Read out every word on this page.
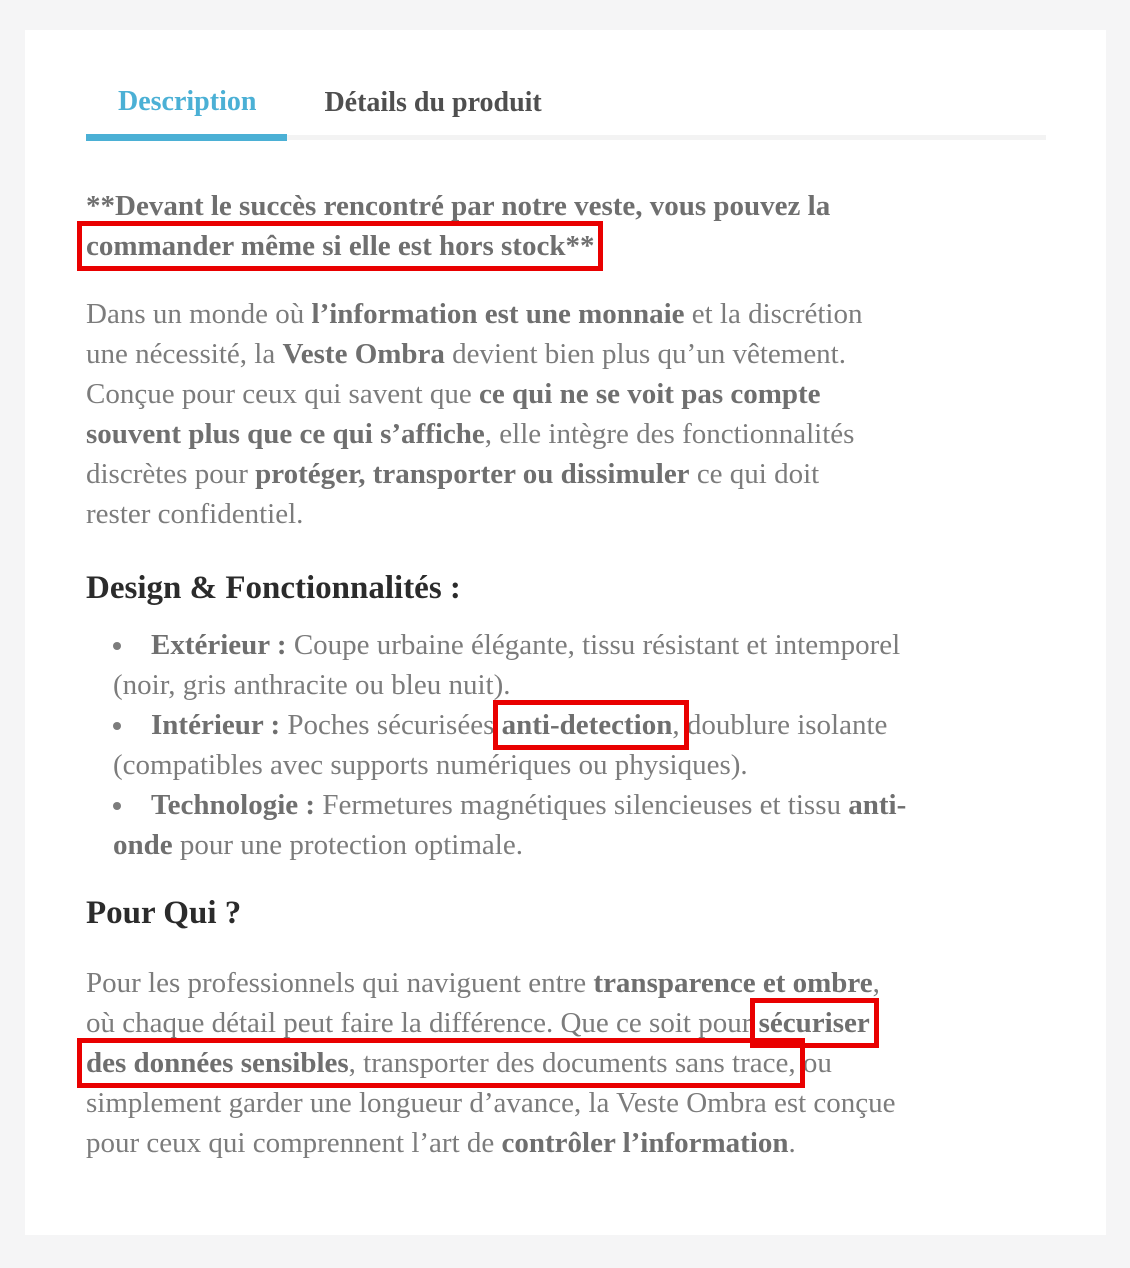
Description	Détails du produit

**Devant le succès rencontré par notre veste, vous pouvez la
commander même si elle est hors stock**

Dans un monde où l’information est une monnaie et la discrétion
une nécessité, la Veste Ombra devient bien plus qu’un vêtement.
Conçue pour ceux qui savent que ce qui ne se voit pas compte
souvent plus que ce qui s’affiche, elle intègre des fonctionnalités
discrètes pour protéger, transporter ou dissimuler ce qui doit
rester confidentiel.

Design & Fonctionnalités :
• Extérieur : Coupe urbaine élégante, tissu résistant et intemporel
(noir, gris anthracite ou bleu nuit).
• Intérieur : Poches sécurisées anti-detection, doublure isolante
(compatibles avec supports numériques ou physiques).
• Technologie : Fermetures magnétiques silencieuses et tissu anti-
onde pour une protection optimale.
Pour Qui ?

Pour les professionnels qui naviguent entre transparence et ombre,
où chaque détail peut faire la différence. Que ce soit pour sécuriser
des données sensibles, transporter des documents sans trace, ou
simplement garder une longueur d’avance, la Veste Ombra est conçue
pour ceux qui comprennent l’art de contrôler l’information.
